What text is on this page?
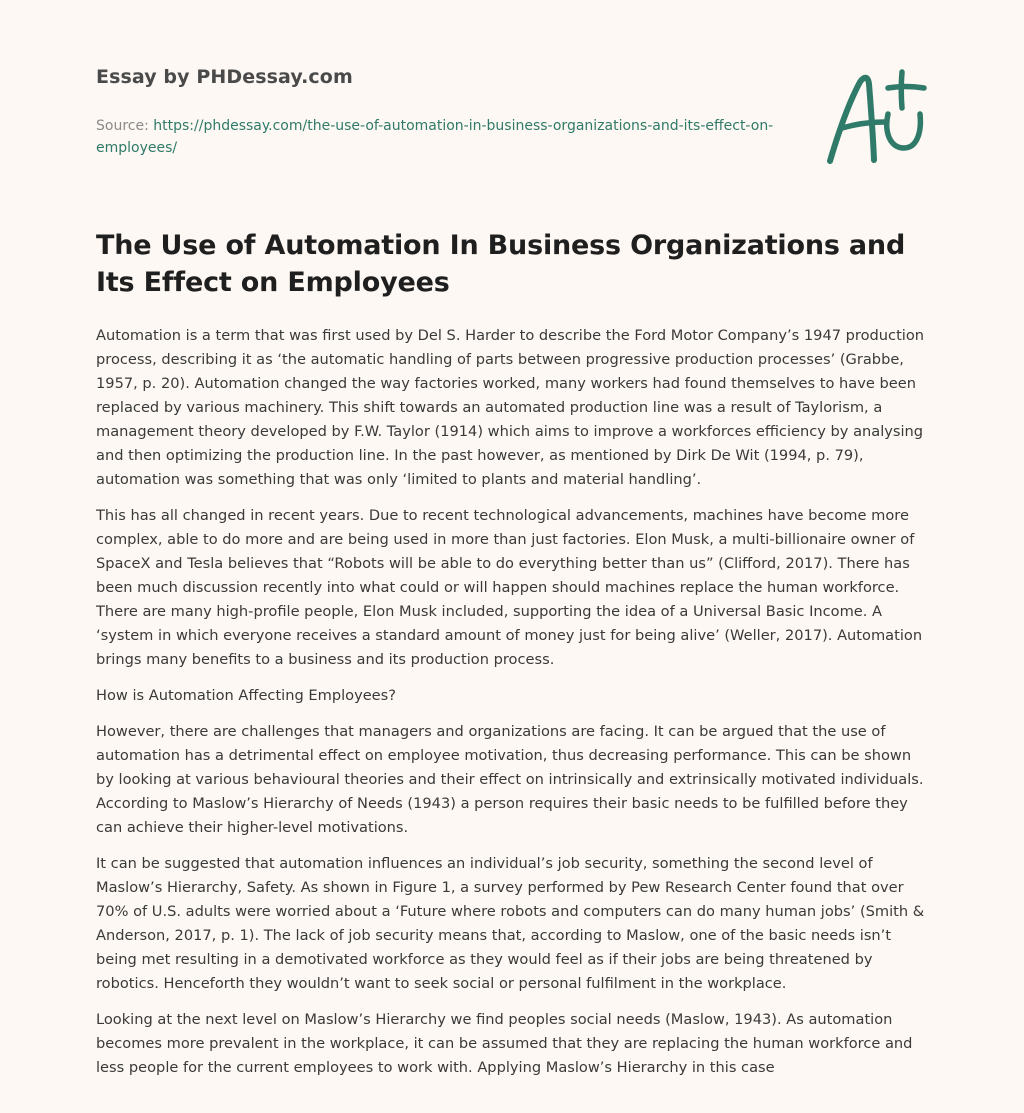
Essay by PHDessay.com
Source: https://phdessay.com/the-use-of-automation-in-business-organizations-and-its-effect-on-employees/
The Use of Automation In Business Organizations and Its Effect on Employees

Automation is a term that was first used by Del S. Harder to describe the Ford Motor Company’s 1947 production process, describing it as ‘the automatic handling of parts between progressive production processes’ (Grabbe, 1957, p. 20). Automation changed the way factories worked, many workers had found themselves to have been replaced by various machinery. This shift towards an automated production line was a result of Taylorism, a management theory developed by F.W. Taylor (1914) which aims to improve a workforces efficiency by analysing and then optimizing the production line. In the past however, as mentioned by Dirk De Wit (1994, p. 79), automation was something that was only ‘limited to plants and material handling’.

This has all changed in recent years. Due to recent technological advancements, machines have become more complex, able to do more and are being used in more than just factories. Elon Musk, a multi-billionaire owner of SpaceX and Tesla believes that “Robots will be able to do everything better than us” (Clifford, 2017). There has been much discussion recently into what could or will happen should machines replace the human workforce. There are many high-profile people, Elon Musk included, supporting the idea of a Universal Basic Income. A ‘system in which everyone receives a standard amount of money just for being alive’ (Weller, 2017). Automation brings many benefits to a business and its production process.

How is Automation Affecting Employees?

However, there are challenges that managers and organizations are facing. It can be argued that the use of automation has a detrimental effect on employee motivation, thus decreasing performance. This can be shown by looking at various behavioural theories and their effect on intrinsically and extrinsically motivated individuals. According to Maslow’s Hierarchy of Needs (1943) a person requires their basic needs to be fulfilled before they can achieve their higher-level motivations.

It can be suggested that automation influences an individual’s job security, something the second level of Maslow’s Hierarchy, Safety. As shown in Figure 1, a survey performed by Pew Research Center found that over 70% of U.S. adults were worried about a ‘Future where robots and computers can do many human jobs’ (Smith & Anderson, 2017, p. 1). The lack of job security means that, according to Maslow, one of the basic needs isn’t being met resulting in a demotivated workforce as they would feel as if their jobs are being threatened by robotics. Henceforth they wouldn’t want to seek social or personal fulfilment in the workplace.

Looking at the next level on Maslow’s Hierarchy we find peoples social needs (Maslow, 1943). As automation becomes more prevalent in the workplace, it can be assumed that they are replacing the human workforce and less people for the current employees to work with. Applying Maslow’s Hierarchy in this case
